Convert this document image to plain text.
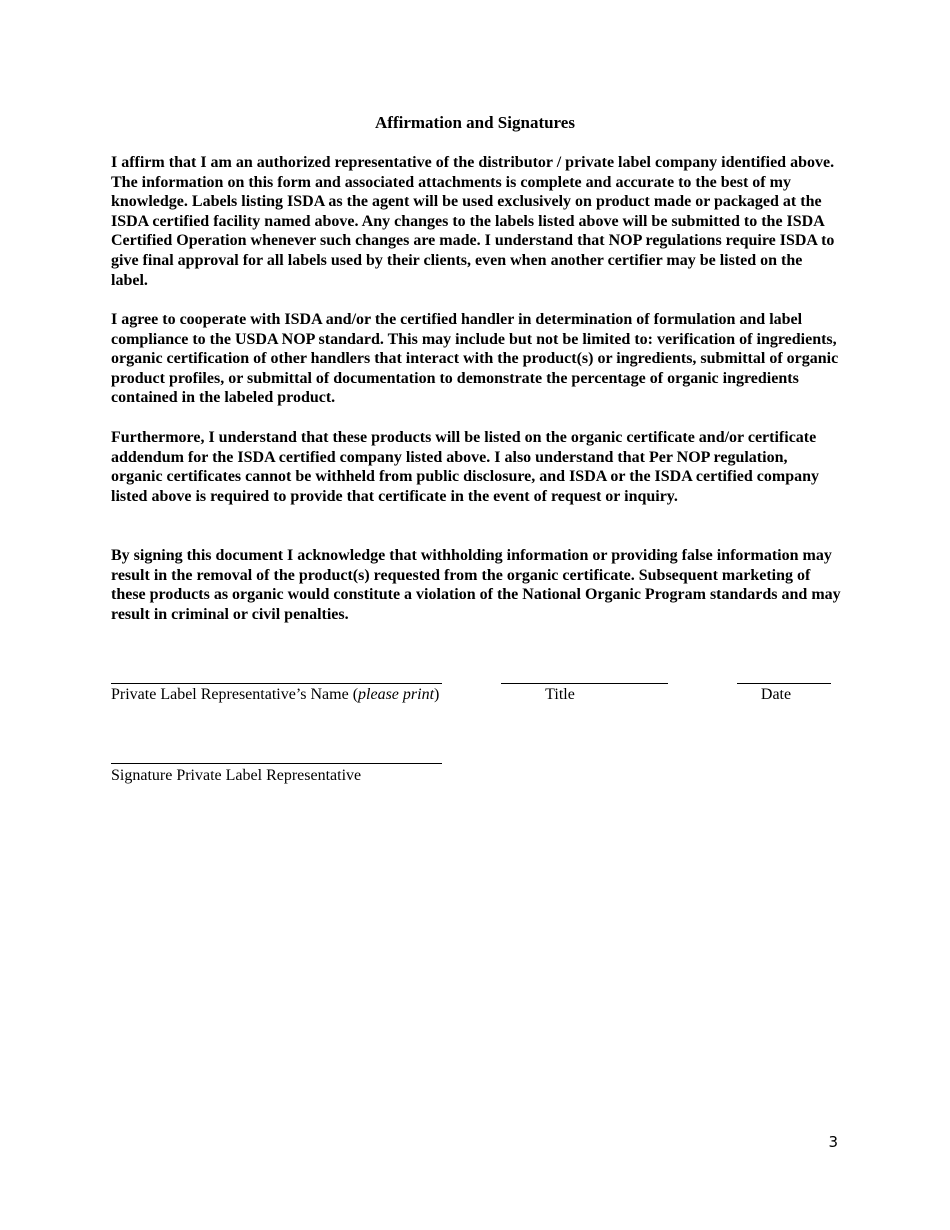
Affirmation and Signatures

I affirm that I am an authorized representative of the distributor / private label company identified above. The information on this form and associated attachments is complete and accurate to the best of my knowledge. Labels listing ISDA as the agent will be used exclusively on product made or packaged at the ISDA certified facility named above. Any changes to the labels listed above will be submitted to the ISDA Certified Operation whenever such changes are made. I understand that NOP regulations require ISDA to give final approval for all labels used by their clients, even when another certifier may be listed on the label.

I agree to cooperate with ISDA and/or the certified handler in determination of formulation and label compliance to the USDA NOP standard. This may include but not be limited to: verification of ingredients, organic certification of other handlers that interact with the product(s) or ingredients, submittal of organic product profiles, or submittal of documentation to demonstrate the percentage of organic ingredients contained in the labeled product.

Furthermore, I understand that these products will be listed on the organic certificate and/or certificate addendum for the ISDA certified company listed above. I also understand that Per NOP regulation, organic certificates cannot be withheld from public disclosure, and ISDA or the ISDA certified company listed above is required to provide that certificate in the event of request or inquiry.

By signing this document I acknowledge that withholding information or providing false information may result in the removal of the product(s) requested from the organic certificate. Subsequent marketing of these products as organic would constitute a violation of the National Organic Program standards and may result in criminal or civil penalties.

Private Label Representative’s Name (please print)	Title	Date
Signature Private Label Representative
3
